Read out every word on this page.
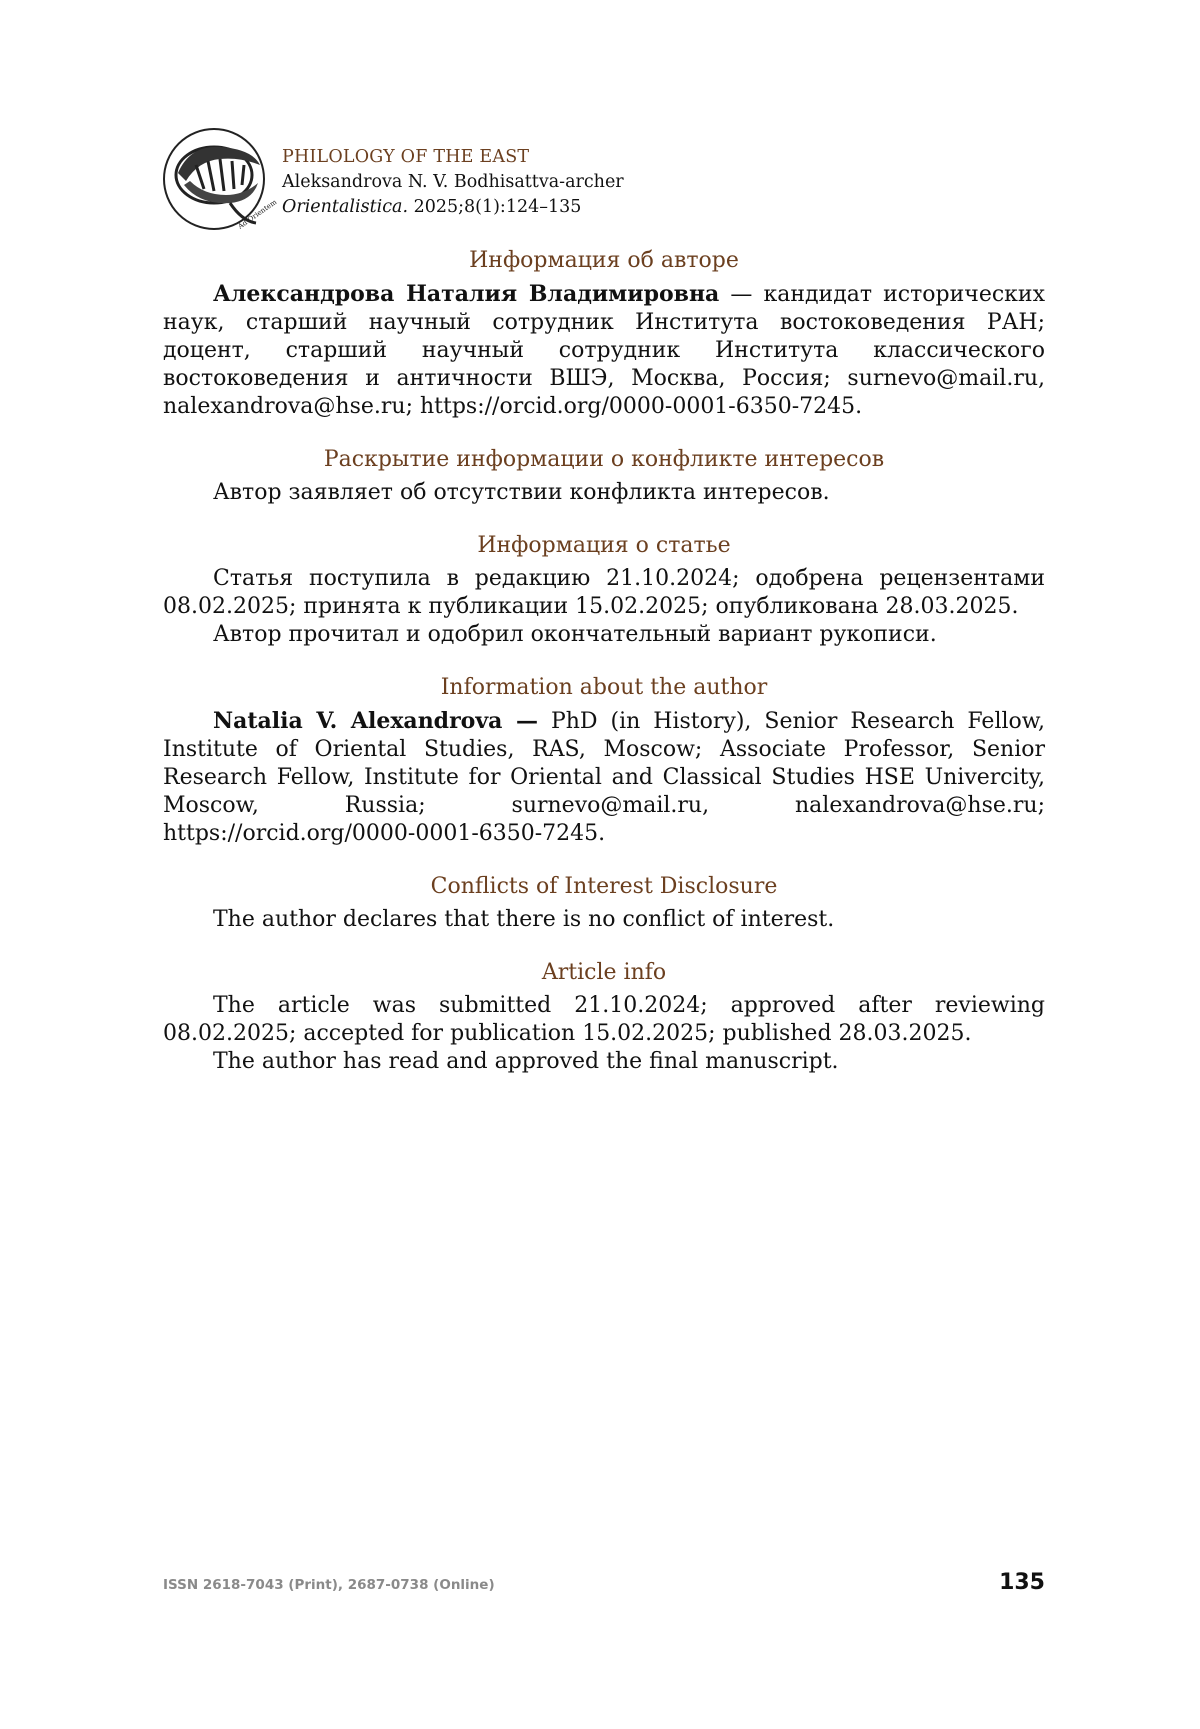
Ad Orientem
PHILOLOGY OF THE EAST
Aleksandrova N. V. Bodhisattva-archer
Orientalistica. 2025;8(1):124–135
Информация об авторе

Александрова Наталия Владимировна — кандидат исторических наук, старший научный сотрудник Института востоковедения РАН; доцент, старший научный сотрудник Института классического востоковедения и античности ВШЭ, Москва, Россия; surnevo@mail.ru, nalexandrova@hse.ru; https://orcid.org/0000-0001-6350-7245.

Раскрытие информации о конфликте интересов

Автор заявляет об отсутствии конфликта интересов.

Информация о статье

Статья поступила в редакцию 21.10.2024; одобрена рецензентами 08.02.2025; принята к публикации 15.02.2025; опубликована 28.03.2025.

Автор прочитал и одобрил окончательный вариант рукописи.

Information about the author

Natalia V. Alexandrova — PhD (in History), Senior Research Fellow, Institute of Oriental Studies, RAS, Moscow; Associate Professor, Senior Research Fellow, Institute for Oriental and Classical Studies HSE Univercity, Moscow, Russia; surnevo@mail.ru, nalexandrova@hse.ru; https://orcid.org/0000-0001-6350-7245.

Conflicts of Interest Disclosure

The author declares that there is no conflict of interest.

Article info

The article was submitted 21.10.2024; approved after reviewing 08.02.2025; accepted for publication 15.02.2025; published 28.03.2025.

The author has read and approved the final manuscript.

ISSN 2618-7043 (Print), 2687-0738 (Online)	135
